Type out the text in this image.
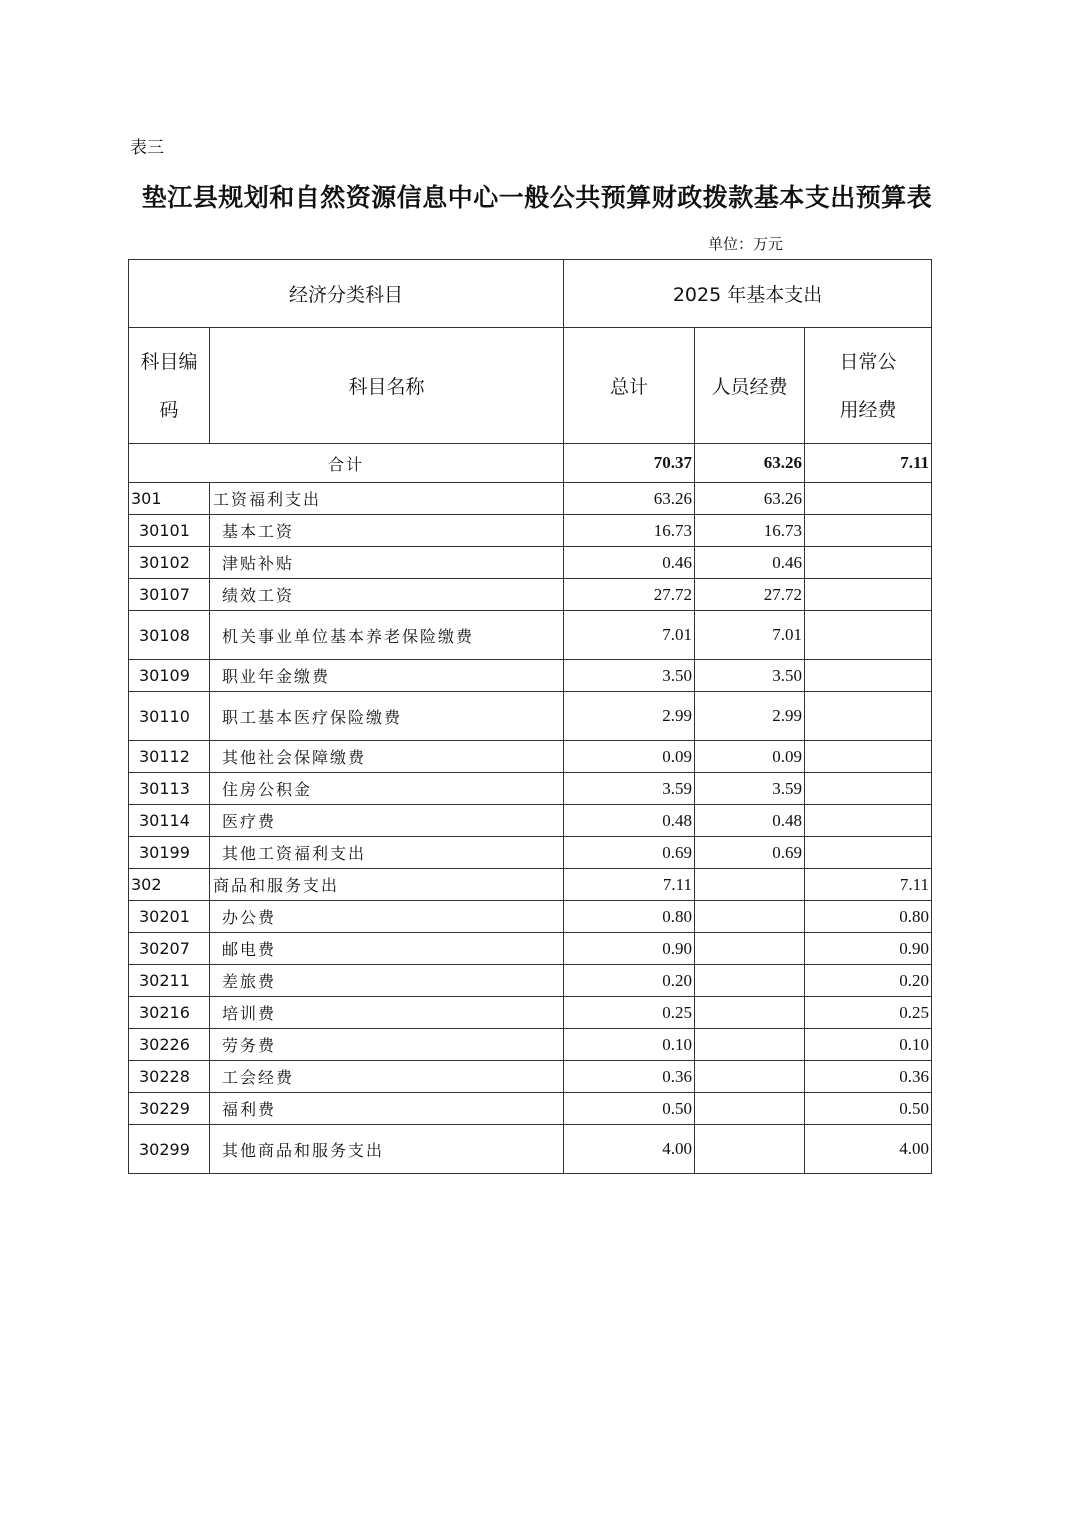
表三
垫江县规划和自然资源信息中心一般公共预算财政拨款基本支出预算表
单位：万元
经济分类科目		2025 年基本支出		
科目编码	科目名称	总计	人员经费	日常公用经费
合计		70.37	63.26	7.11
301	工资福利支出	63.26	63.26	
30101	基本工资	16.73	16.73	
30102	津贴补贴	0.46	0.46	
30107	绩效工资	27.72	27.72	
30108	机关事业单位基本养老保险缴费	7.01	7.01	
30109	职业年金缴费	3.50	3.50	
30110	职工基本医疗保险缴费	2.99	2.99	
30112	其他社会保障缴费	0.09	0.09	
30113	住房公积金	3.59	3.59	
30114	医疗费	0.48	0.48	
30199	其他工资福利支出	0.69	0.69	
302	商品和服务支出	7.11		7.11
30201	办公费	0.80		0.80
30207	邮电费	0.90		0.90
30211	差旅费	0.20		0.20
30216	培训费	0.25		0.25
30226	劳务费	0.10		0.10
30228	工会经费	0.36		0.36
30229	福利费	0.50		0.50
30299	其他商品和服务支出	4.00		4.00
